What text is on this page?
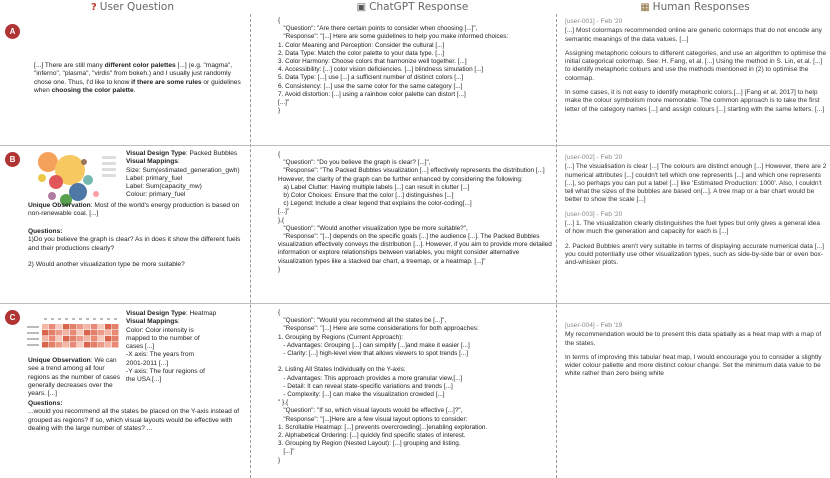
? User Question	▣ ChatGPT Response	▦ Human Responses
A
[...] There are still many different color palettes [...] (e.g. "magma", "inferno", "plasma", "virdis" from bokeh.) and I usually just randomly chose one. Thus, I'd like to know if there are some rules or guidelines when choosing the color palette.
{
"Question": "Are there certain points to consider when choosing [...]",
"Response": "[...] Here are some guidelines to help you make informed choices:
1. Color Meaning and Perception: Consider the cultural [...]
2. Data Type: Match the color palette to your data type. [...]
3. Color Harmony: Choose colors that harmonize well together. [...]
4. Accessibility: [...] color vision deficiencies. [...] blindness simulation [...]
5. Data Type: [...] use [...] a sufficient number of distinct colors [...]
6. Consistency: [...] use the same color for the same category [...]
7. Avoid distortion: [...] using a rainbow color palette can distort [...]
[...]"
}

[user-001] - Feb '20
[...] Most colormaps recommended online are generic colormaps that do not encode any semantic meanings of the data values. [...]

Assigning metaphoric colours to different categories, and use an algorithm to optimise the initial categorical colormap. See: H. Fang, et al. [...] Using the method in S. Lin, et al. [...] to identify metaphoric colours and use the methods mentioned in (2) to optimise the colormap.

In some cases, it is not easy to identify metaphoric colors.[...] [Fang et al. 2017] to help make the colour symbolism more memorable. The common approach is to take the first letter of the category names [...] and assign colours [...] starting with the same letters. [...]

B
Visual Design Type: Packed Bubbles
Visual Mappings:
Size: Sum(estimated_generation_gwh)
Label: primary_fuel
Label: Sum(capacity_mw)
Colour: primary_fuel
Unique Observation: Most of the world's energy production is based on non-renewable coal. [...]
Questions:
1)Do you believe the graph is clear? As in does it show the different fuels and their productions clearly?

2) Would another visualization type be more suitable?
{
"Question": "Do you believe the graph is clear? [...]",
"Response": "The Packed Bubbles visualization [...] effectively represents the distribution [...] However, the clarity of the graph can be further enhanced by considering the following:
a) Label Clutter: Having multiple labels [...] can result in clutter [...]
b) Color Choices: Ensure that the color [...] distinguishes [...]
c) Legend: Include a clear legend that explains the color-coding[...]
[...]"
},{
"Question": "Would another visualization type be more suitable?",
"Response": "[...] depends on the specific goals [...] the audience [...]. The Packed Bubbles visualization effectively conveys the distribution [...]. However, if you aim to provide more detailed information or explore relationships between variables, you might consider alternative visualization types like a stacked bar chart, a treemap, or a heatmap. [...]"
}

[user-002] - Feb '20
[...] The visualisation is clear [...] The colours are distinct enough [...] However, there are 2 numerical attributes [...] couldn't tell which one represents [...] and which one represents [...], so perhaps you can put a label [...] like 'Estimated Production: 1000'. Also, I couldn't tell what the sizes of the bubbles are based on[...]. A tree map or a bar chart would be better to show the scale [...]

[user-003] - Feb '20
[...] 1. The visualization clearly distinguishes the fuel types but only gives a general idea of how much the generation and capacity for each is [...]

2. Packed Bubbles aren't very suitable in terms of displaying accurate numerical data [...] you could potentially use other visualization types, such as side-by-side bar or even box-and-whisker plots.

C	Visual Design Type: Heatmap
Visual Mappings:
Color: Color intensity is
mapped to the number of
cases [...]
-X axis: The years from
2001-2011 [...]
-Y axis: The four regions of
the USA [...]
Unique Observation: We can see a trend among all four regions as the number of cases generally decreases over the years. [...]
Questions:
...would you recommend all the states be placed on the Y-axis instead of grouped as regions? If so, which visual layouts would be effective with dealing with the large number of states? ...
{
"Question": "Would you recommend all the states be [...]",
"Response": "[...] Here are some considerations for both approaches:
1. Grouping by Regions (Current Approach):
- Advantages: Grouping [...] can simplify [...]and make it easier [...]
- Clarity: [...] high-level view that allows viewers to spot trends [...]

2. Listing All States Individually on the Y-axis:
- Advantages: This approach provides a more granular view,[...]
- Detail: It can reveal state-specific variations and trends [...]
- Complexity: [...] can make the visualization crowded [...]
" },{
"Question": "If so, which visual layouts would be effective [...]?",
"Response": "[...]Here are a few visual layout options to consider:
1. Scrollable Heatmap: [...] prevents overcrowding[...]enabling exploration.
2. Alphabetical Ordering: [...] quickly find specific states of interest.
3. Grouping by Region (Nested Layout): [...] grouping and listing.
[...]"
}

[user-004] - Feb '19
My recommendation would be to present this data spatially as a heat map with a map of the states.

In terms of improving this tabular heat map, I would encourage you to consider a slightly wider colour pallette and more distinct colour change. Set the minimum data value to be white rather than zero being white
